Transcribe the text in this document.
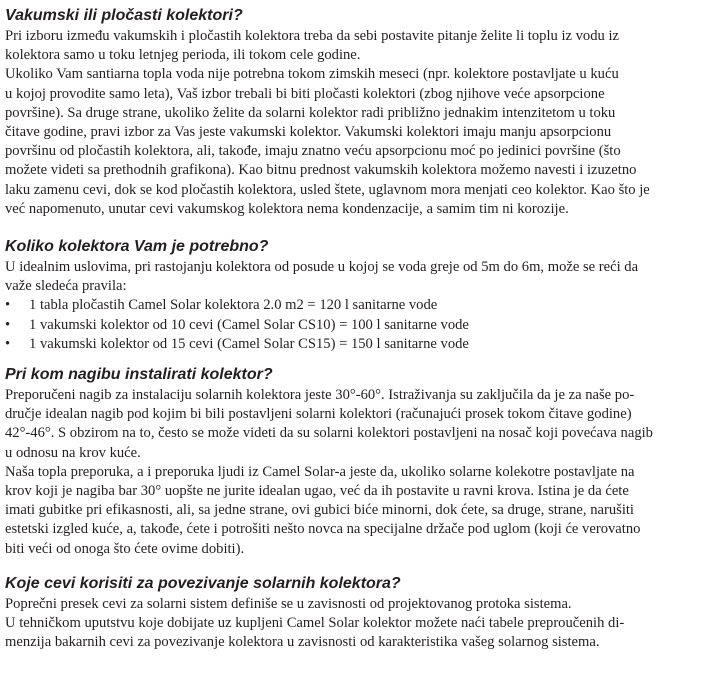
Vakumski ili pločasti kolektori?

Pri izboru između vakumskih i pločastih kolektora treba da sebi postavite pitanje želite li toplu iz vodu iz
kolektora samo u toku letnjeg perioda, ili tokom cele godine.

Ukoliko Vam santiarna topla voda nije potrebna tokom zimskih meseci (npr. kolektore postavljate u kuću
u kojoj provodite samo leta), Vaš izbor trebali bi biti pločasti kolektori (zbog njihove veće apsorpcione
površine). Sa druge strane, ukoliko želite da solarni kolektor radi približno jednakim intenzitetom u toku
čitave godine, pravi izbor za Vas jeste vakumski kolektor. Vakumski kolektori imaju manju apsorpcionu
površinu od pločastih kolektora, ali, takođe, imaju znatno veću apsorpcionu moć po jedinici površine (što
možete videti sa prethodnih grafikona). Kao bitnu prednost vakumskih kolektora možemo navesti i izuzetno
laku zamenu cevi, dok se kod pločastih kolektora, usled štete, uglavnom mora menjati ceo kolektor. Kao što je
već napomenuto, unutar cevi vakumskog kolektora nema kondenzacije, a samim tim ni korozije.

Koliko kolektora Vam je potrebno?

U idealnim uslovima, pri rastojanju kolektora od posude u kojoj se voda greje od 5m do 6m, može se reći da
važe sledeća pravila:

• 1 tabla pločastih Camel Solar kolektora 2.0 m2 = 120 l sanitarne vode
• 1 vakumski kolektor od 10 cevi (Camel Solar CS10) = 100 l sanitarne vode
• 1 vakumski kolektor od 15 cevi (Camel Solar CS15) = 150 l sanitarne vode
Pri kom nagibu instalirati kolektor?

Preporučeni nagib za instalaciju solarnih kolektora jeste 30°-60°. Istraživanja su zaključila da je za naše po-
dručje idealan nagib pod kojim bi bili postavljeni solarni kolektori (računajući prosek tokom čitave godine)
42°-46°. S obzirom na to, često se može videti da su solarni kolektori postavljeni na nosač koji povećava nagib
u odnosu na krov kuće.

Naša topla preporuka, a i preporuka ljudi iz Camel Solar-a jeste da, ukoliko solarne kolekotre postavljate na
krov koji je nagiba bar 30° uopšte ne jurite idealan ugao, već da ih postavite u ravni krova. Istina je da ćete
imati gubitke pri efikasnosti, ali, sa jedne strane, ovi gubici biće minorni, dok ćete, sa druge, strane, narušiti
estetski izgled kuće, a, takođe, ćete i potrošiti nešto novca na specijalne držače pod uglom (koji će verovatno
biti veći od onoga što ćete ovime dobiti).

Koje cevi korisiti za povezivanje solarnih kolektora?

Poprečni presek cevi za solarni sistem definiše se u zavisnosti od projektovanog protoka sistema.

U tehničkom uputstvu koje dobijate uz kupljeni Camel Solar kolektor možete naći tabele preproučenih di-
menzija bakarnih cevi za povezivanje kolektora u zavisnosti od karakteristika vašeg solarnog sistema.
